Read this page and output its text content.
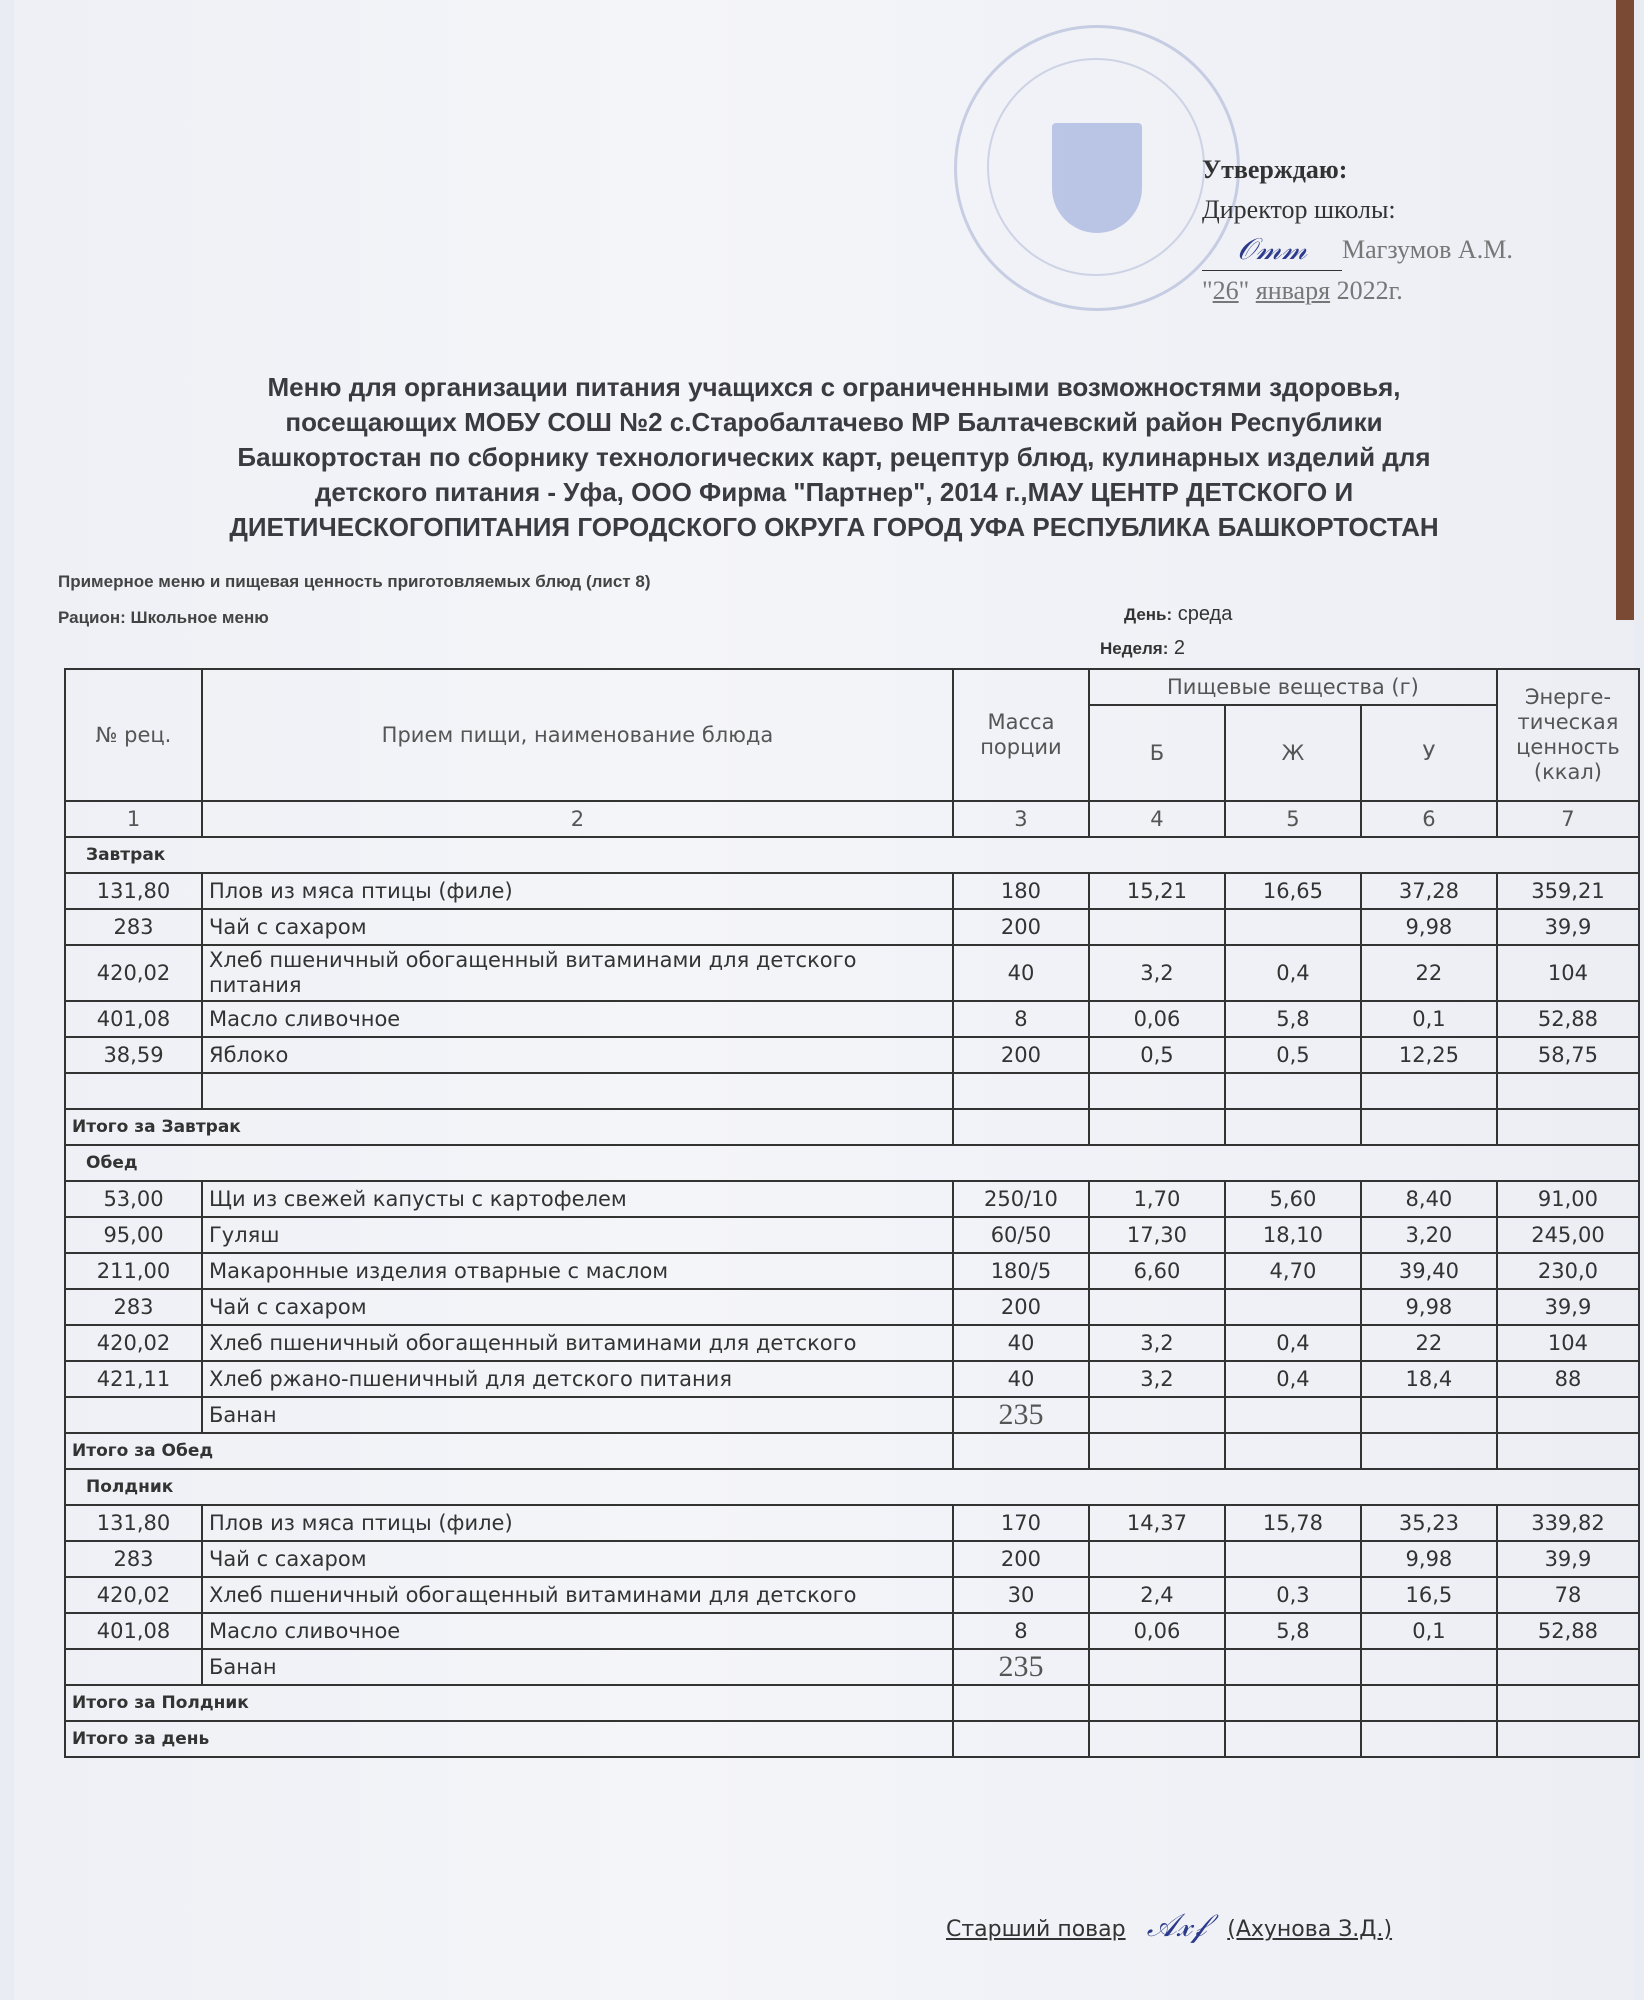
Утверждаю:
Директор школы:
𝒪𝓂𝓂 Магзумов А.М.
"26" января 2022г.
Меню для организации питания учащихся с ограниченными возможностями здоровья,
посещающих МОБУ СОШ №2 с.Старобалтачево МР Балтачевский район Республики
Башкортостан по сборнику технологических карт, рецептур блюд, кулинарных изделий для
детского питания - Уфа, ООО Фирма "Партнер", 2014 г.,МАУ ЦЕНТР ДЕТСКОГО И
ДИЕТИЧЕСКОГОПИТАНИЯ ГОРОДСКОГО ОКРУГА ГОРОД УФА РЕСПУБЛИКА БАШКОРТОСТАН
Примерное меню и пищевая ценность приготовляемых блюд (лист 8)
Рацион: Школьное меню	День: среда
Неделя: 2
№ рец.	Прием пищи, наименование блюда	Масса порции	Пищевые вещества (г)			Энерге-тическая ценность (ккал)
			Б	Ж	У	
1	2	3	4	5	6	7
Завтрак						
131,80	Плов из мяса птицы (филе)	180	15,21	16,65	37,28	359,21
283	Чай с сахаром	200			9,98	39,9
420,02	Хлеб пшеничный обогащенный витаминами для детского питания	40	3,2	0,4	22	104
401,08	Масло сливочное	8	0,06	5,8	0,1	52,88
38,59	Яблоко	200	0,5	0,5	12,25	58,75

Итого за Завтрак						
Обед						
53,00	Щи из свежей капусты с картофелем	250/10	1,70	5,60	8,40	91,00
95,00	Гуляш	60/50	17,30	18,10	3,20	245,00
211,00	Макаронные изделия отварные с маслом	180/5	6,60	4,70	39,40	230,0
283	Чай с сахаром	200			9,98	39,9
420,02	Хлеб пшеничный обогащенный витаминами для детского	40	3,2	0,4	22	104
421,11	Хлеб ржано-пшеничный для детского питания	40	3,2	0,4	18,4	88
	Банан	235				
Итого за Обед						
Полдник						
131,80	Плов из мяса птицы (филе)	170	14,37	15,78	35,23	339,82
283	Чай с сахаром	200			9,98	39,9
420,02	Хлеб пшеничный обогащенный витаминами для детского	30	2,4	0,3	16,5	78
401,08	Масло сливочное	8	0,06	5,8	0,1	52,88
	Банан	235				
Итого за Полдник						
Итого за день						
Старший повар 𝒜𝓍𝒻 (Ахунова З.Д.)
